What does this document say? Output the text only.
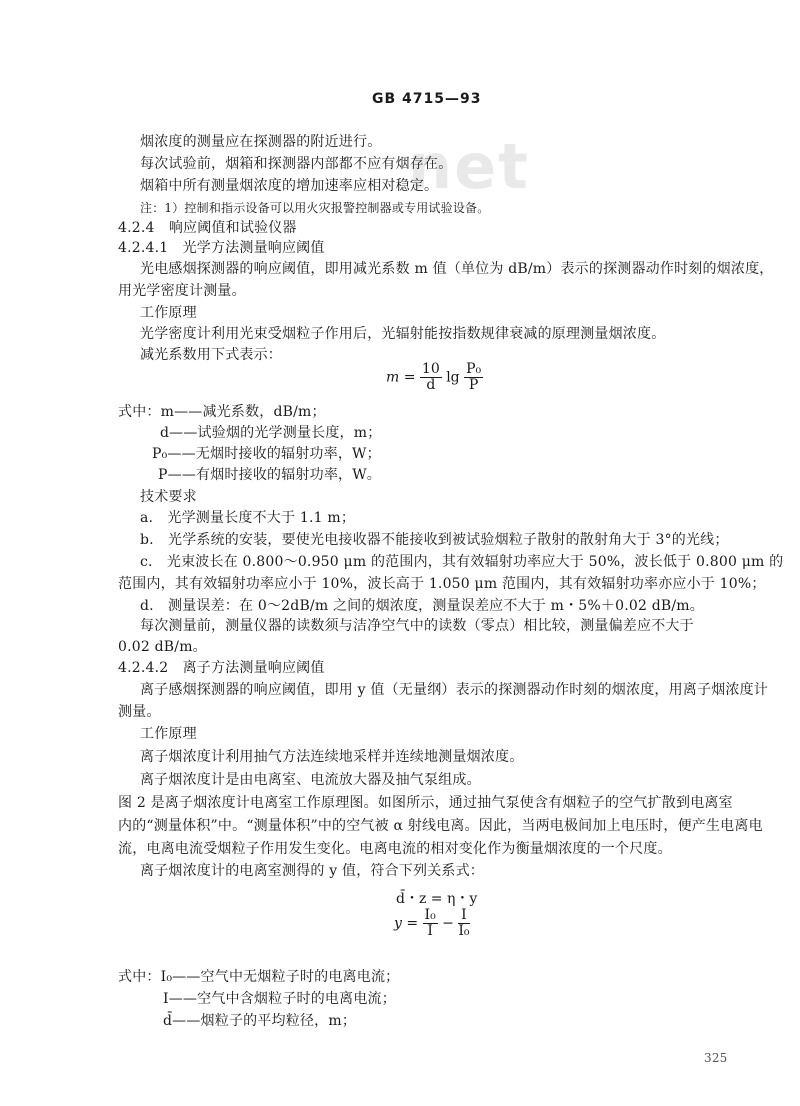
net
GB 4715—93
烟浓度的测量应在探测器的附近进行。
每次试验前，烟箱和探测器内部都不应有烟存在。
烟箱中所有测量烟浓度的增加速率应相对稳定。
注：1）控制和指示设备可以用火灾报警控制器或专用试验设备。
4.2.4　响应阈值和试验仪器
4.2.4.1　光学方法测量响应阈值
光电感烟探测器的响应阈值，即用减光系数 m 值（单位为 dB/m）表示的探测器动作时刻的烟浓度，
用光学密度计测量。
工作原理
光学密度计利用光束受烟粒子作用后，光辐射能按指数规律衰减的原理测量烟浓度。
减光系数用下式表示：
$m = \frac{10}{d}$ $\lg \frac{\text{P₀}}{P}$
式中：m——减光系数，dB/m；
d——试验烟的光学测量长度，m；
P₀——无烟时接收的辐射功率，W；
P——有烟时接收的辐射功率，W。
技术要求
a.　光学测量长度不大于 1.1 m；
b.　光学系统的安装，要使光电接收器不能接收到被试验烟粒子散射的散射角大于 3°的光线；
c.　光束波长在 0.800～0.950 μm 的范围内，其有效辐射功率应大于 50%，波长低于 0.800 μm 的
范围内，其有效辐射功率应小于 10%，波长高于 1.050 μm 范围内，其有效辐射功率亦应小于 10%；
d.　测量误差：在 0～2dB/m 之间的烟浓度，测量误差应不大于 m・5%＋0.02 dB/m。
每次测量前，测量仪器的读数须与洁净空气中的读数（零点）相比较，测量偏差应不大于
0.02 dB/m。
4.2.4.2　离子方法测量响应阈值
离子感烟探测器的响应阈值，即用 y 值（无量纲）表示的探测器动作时刻的烟浓度，用离子烟浓度计
测量。
工作原理
离子烟浓度计利用抽气方法连续地采样并连续地测量烟浓度。
离子烟浓度计是由电离室、电流放大器及抽气泵组成。
图 2 是离子烟浓度计电离室工作原理图。如图所示，通过抽气泵使含有烟粒子的空气扩散到电离室
内的“测量体积”中。“测量体积”中的空气被 α 射线电离。因此，当两电极间加上电压时，便产生电离电
流，电离电流受烟粒子作用发生变化。电离电流的相对变化作为衡量烟浓度的一个尺度。
离子烟浓度计的电离室测得的 y 值，符合下列关系式：
d̄・z = η・y
$y = \frac{\text{I₀}}{I} - \frac{I}{\text{I₀}}$
式中：I₀——空气中无烟粒子时的电离电流；
I——空气中含烟粒子时的电离电流；
d̄——烟粒子的平均粒径，m；
325
